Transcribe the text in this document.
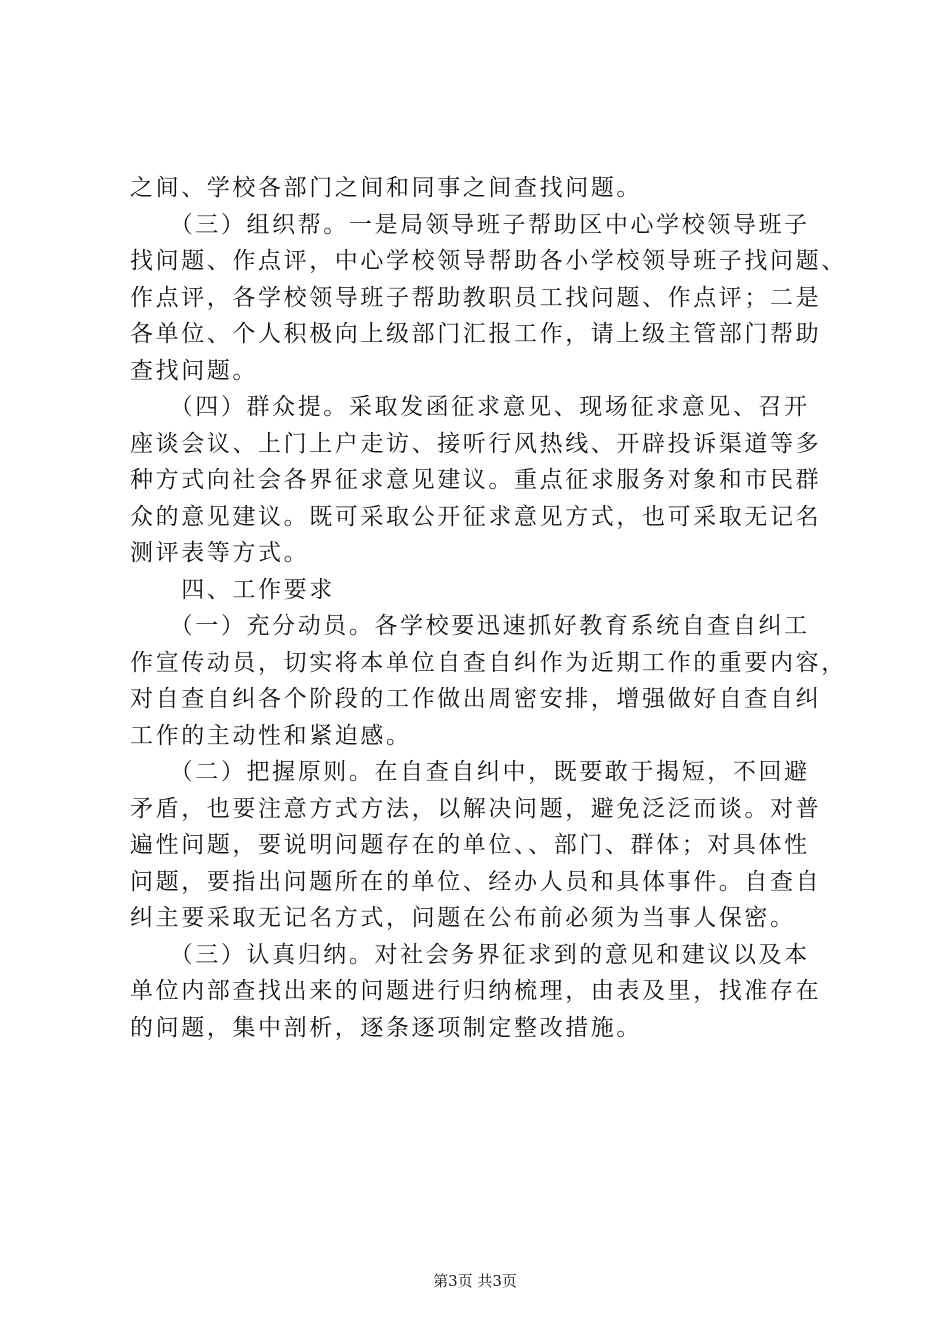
之间、学校各部门之间和同事之间查找问题。
　　（三）组织帮。一是局领导班子帮助区中心学校领导班子
找问题、作点评，中心学校领导帮助各小学校领导班子找问题、
作点评，各学校领导班子帮助教职员工找问题、作点评；二是
各单位、个人积极向上级部门汇报工作，请上级主管部门帮助
查找问题。
　　（四）群众提。采取发函征求意见、现场征求意见、召开
座谈会议、上门上户走访、接听行风热线、开辟投诉渠道等多
种方式向社会各界征求意见建议。重点征求服务对象和市民群
众的意见建议。既可采取公开征求意见方式，也可采取无记名
测评表等方式。
　　四、工作要求
　　（一）充分动员。各学校要迅速抓好教育系统自查自纠工
作宣传动员，切实将本单位自查自纠作为近期工作的重要内容，
对自查自纠各个阶段的工作做出周密安排，增强做好自查自纠
工作的主动性和紧迫感。
　　（二）把握原则。在自查自纠中，既要敢于揭短，不回避
矛盾，也要注意方式方法，以解决问题，避免泛泛而谈。对普
遍性问题，要说明问题存在的单位、、部门、群体；对具体性
问题，要指出问题所在的单位、经办人员和具体事件。自查自
纠主要采取无记名方式，问题在公布前必须为当事人保密。
　　（三）认真归纳。对社会务界征求到的意见和建议以及本
单位内部查找出来的问题进行归纳梳理，由表及里，找准存在
的问题，集中剖析，逐条逐项制定整改措施。
第3页 共3页
